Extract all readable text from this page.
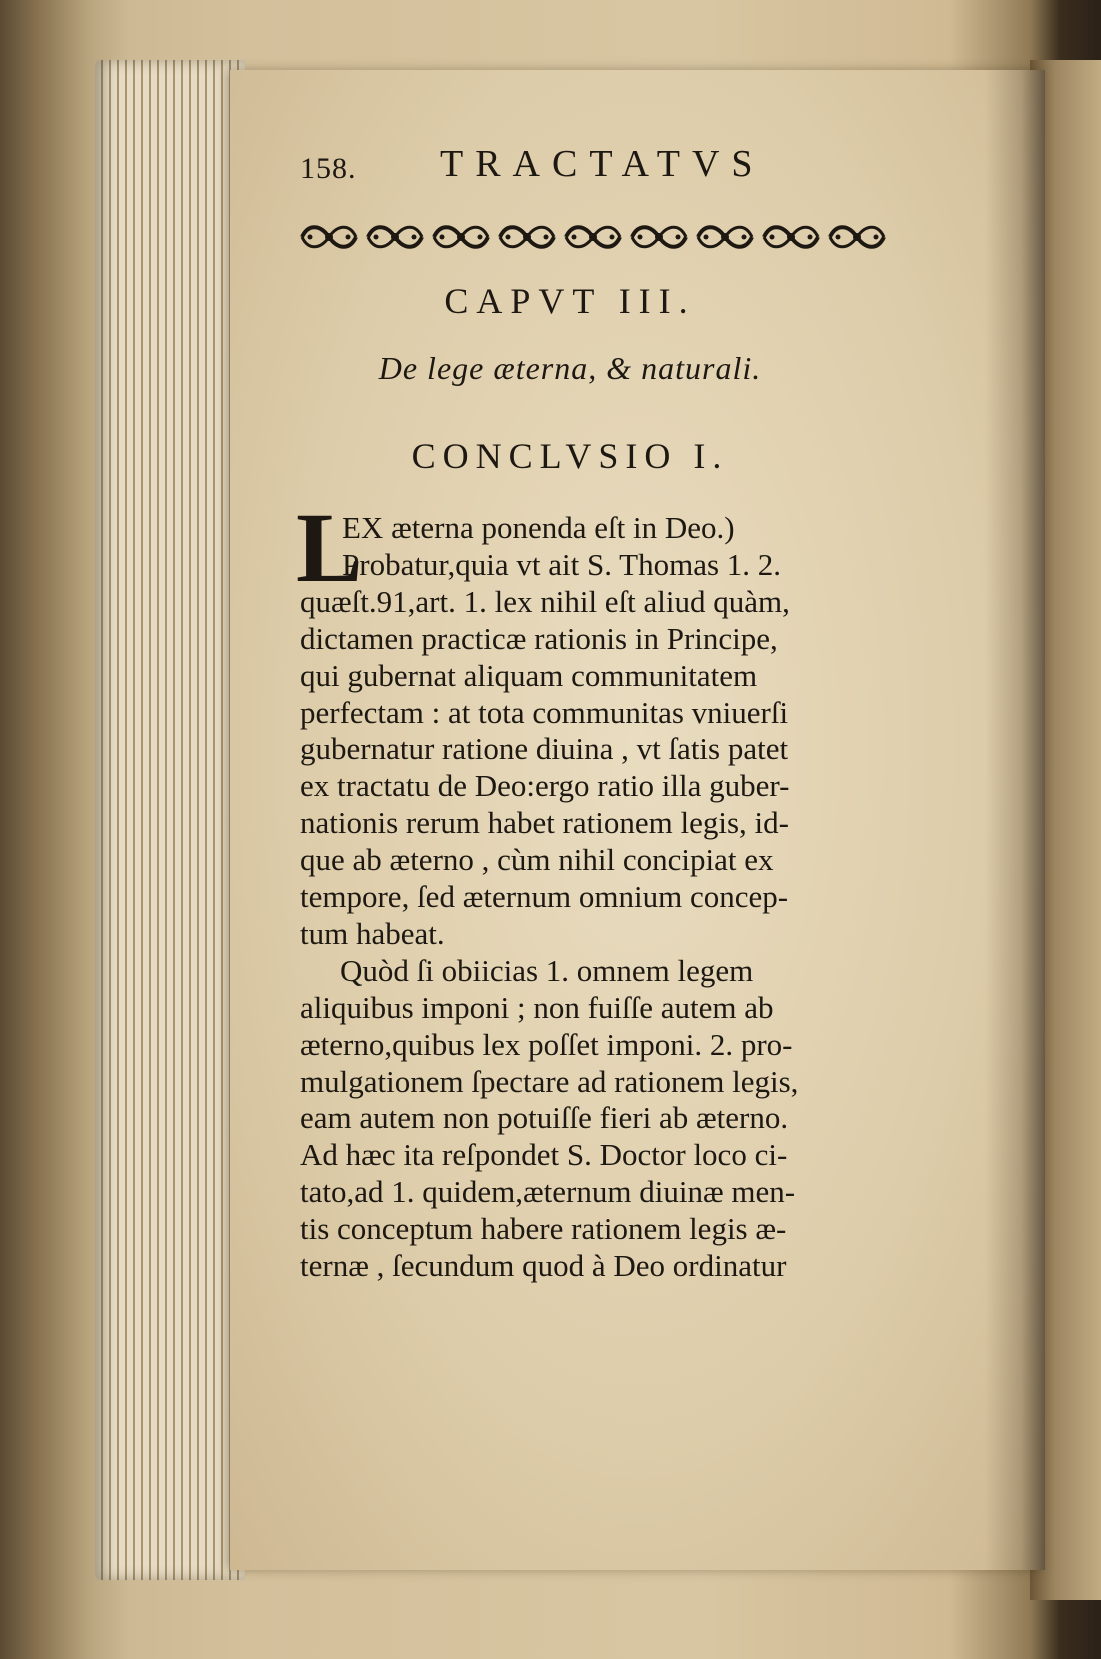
158. TRACTATVS
CAPVT III.
De lege æterna, & naturali.
CONCLVSIO I.
L
EX æterna ponenda eſt in Deo.)
Probatur,quia vt ait S. Thomas 1. 2.
quæſt.91,art. 1. lex nihil eſt aliud quàm,
dictamen practicæ rationis in Principe,
qui gubernat aliquam communitatem
perfectam : at tota communitas vniuerſi
gubernatur ratione diuina , vt ſatis patet
ex tractatu de Deo:ergo ratio illa guber-
nationis rerum habet rationem legis, id-
que ab æterno , cùm nihil concipiat ex
tempore, ſed æternum omnium concep-
tum habeat.
Quòd ſi obiicias 1. omnem legem
aliquibus imponi ; non fuiſſe autem ab
æterno,quibus lex poſſet imponi. 2. pro-
mulgationem ſpectare ad rationem legis,
eam autem non potuiſſe fieri ab æterno.
Ad hæc ita reſpondet S. Doctor loco ci-
tato,ad 1. quidem,æternum diuinæ men-
tis conceptum habere rationem legis æ-
ternæ , ſecundum quod à Deo ordinatur
